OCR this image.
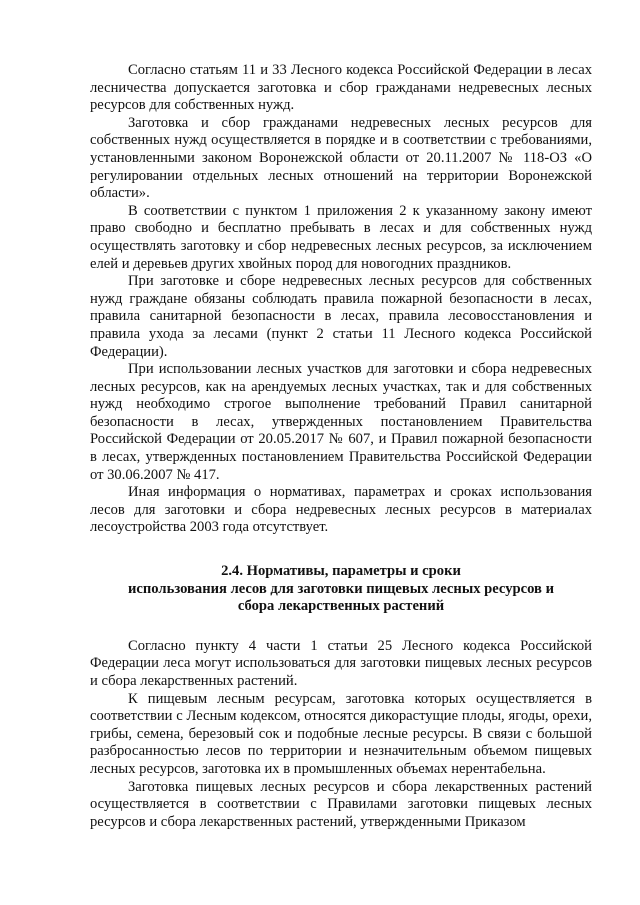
Согласно статьям 11 и 33 Лесного кодекса Российской Федерации в лесах лесничества допускается заготовка и сбор гражданами недревесных лесных ресурсов для собственных нужд.

Заготовка и сбор гражданами недревесных лесных ресурсов для собственных нужд осуществляется в порядке и в соответствии с требованиями, установленными законом Воронежской области от 20.11.2007 № 118-ОЗ «О регулировании отдельных лесных отношений на территории Воронежской области».

В соответствии с пунктом 1 приложения 2 к указанному закону имеют право свободно и бесплатно пребывать в лесах и для собственных нужд осуществлять заготовку и сбор недревесных лесных ресурсов, за исключением елей и деревьев других хвойных пород для новогодних праздников.

При заготовке и сборе недревесных лесных ресурсов для собственных нужд граждане обязаны соблюдать правила пожарной безопасности в лесах, правила санитарной безопасности в лесах, правила лесовосстановления и правила ухода за лесами (пункт 2 статьи 11 Лесного кодекса Российской Федерации).

При использовании лесных участков для заготовки и сбора недревесных лесных ресурсов, как на арендуемых лесных участках, так и для собственных нужд необходимо строгое выполнение требований Правил санитарной безопасности в лесах, утвержденных постановлением Правительства Российской Федерации от 20.05.2017 № 607, и Правил пожарной безопасности в лесах, утвержденных постановлением Правительства Российской Федерации от 30.06.2007 № 417.

Иная информация о нормативах, параметрах и сроках использования лесов для заготовки и сбора недревесных лесных ресурсов в материалах лесоустройства 2003 года отсутствует.

2.4. Нормативы, параметры и сроки
использования лесов для заготовки пищевых лесных ресурсов и
сбора лекарственных растений

Согласно пункту 4 части 1 статьи 25 Лесного кодекса Российской Федерации леса могут использоваться для заготовки пищевых лесных ресурсов и сбора лекарственных растений.

К пищевым лесным ресурсам, заготовка которых осуществляется в соответствии с Лесным кодексом, относятся дикорастущие плоды, ягоды, орехи, грибы, семена, березовый сок и подобные лесные ресурсы. В связи с большой разбросанностью лесов по территории и незначительным объемом пищевых лесных ресурсов, заготовка их в промышленных объемах нерентабельна.

Заготовка пищевых лесных ресурсов и сбора лекарственных растений осуществляется в соответствии с Правилами заготовки пищевых лесных ресурсов и сбора лекарственных растений, утвержденными Приказом
